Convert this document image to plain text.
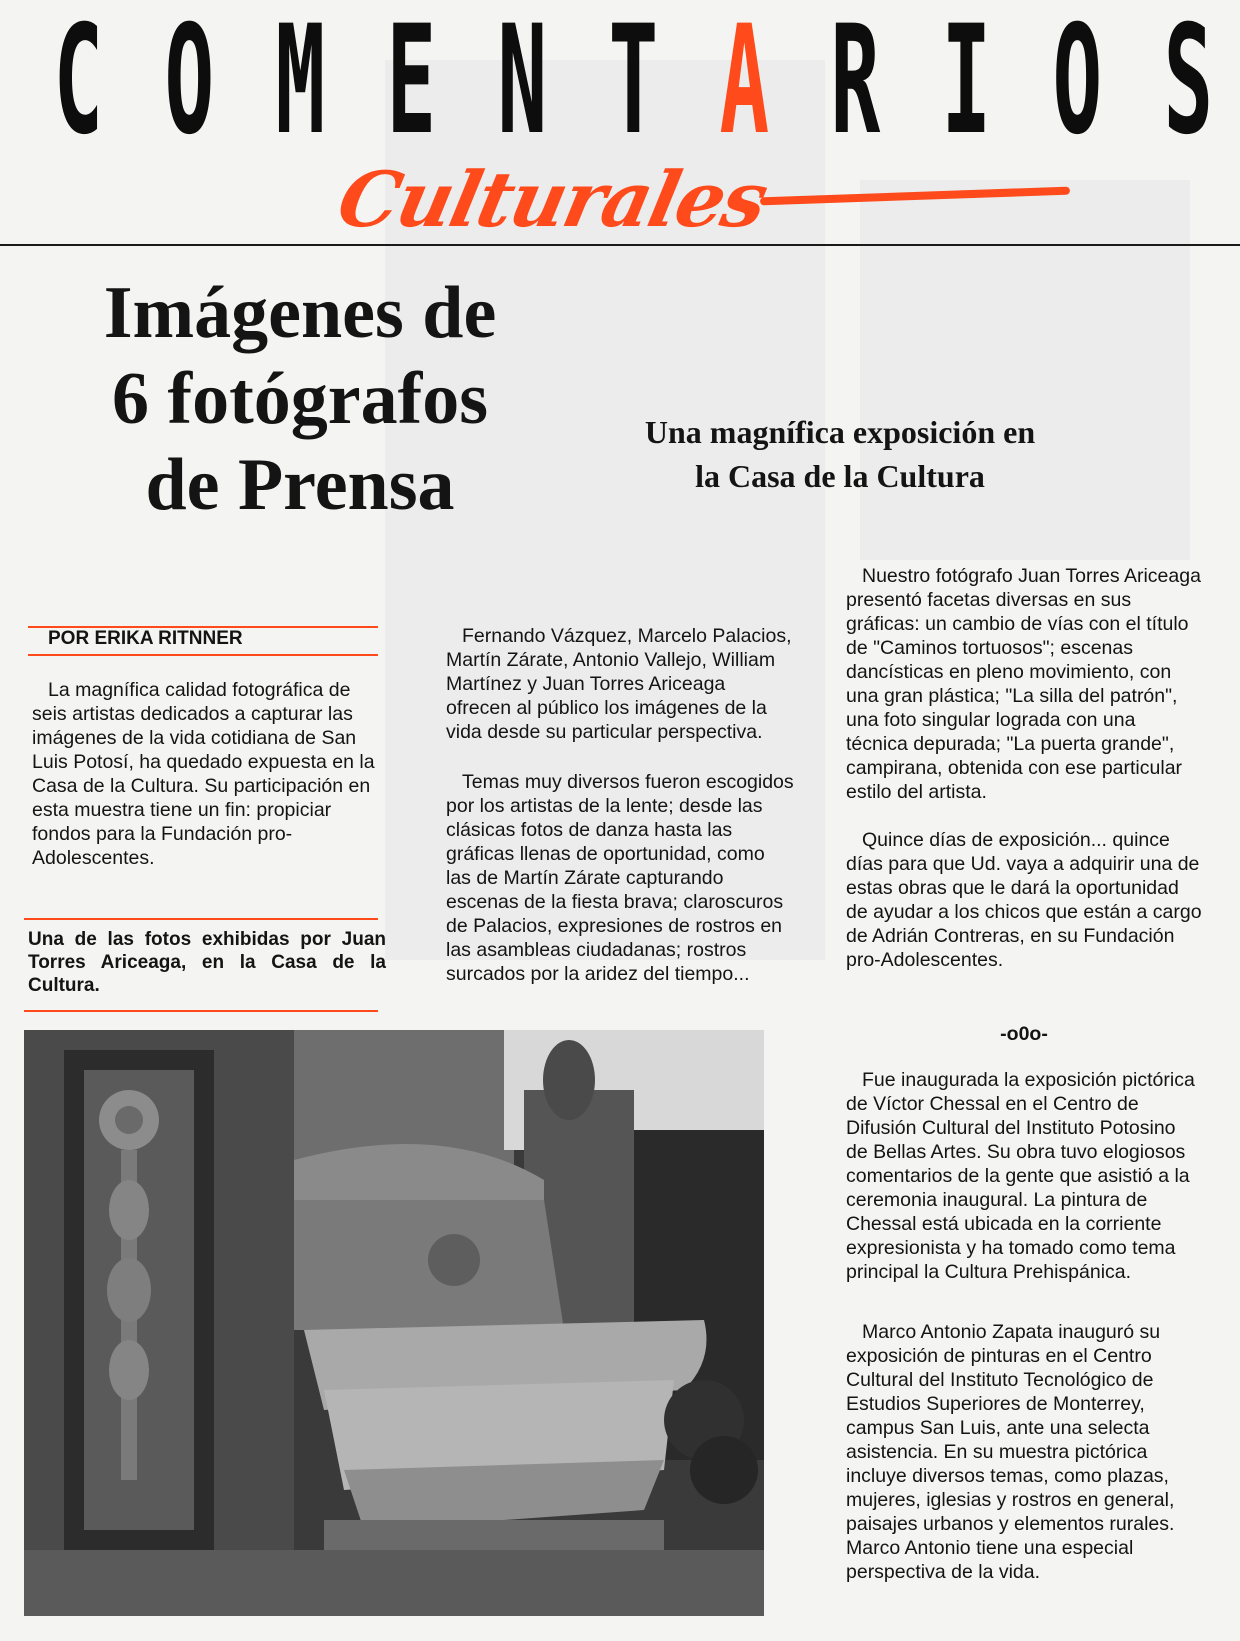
C O M E N T A R I O S
Culturales
Imágenes de
6 fotógrafos
de Prensa
Una magnífica exposición en
la Casa de la Cultura

POR ERIKA RITNNER

La magnífica calidad fotográfica de seis artistas dedicados a capturar las imágenes de la vida cotidiana de San Luis Potosí, ha quedado expuesta en la Casa de la Cultura. Su participación en esta muestra tiene un fin: propiciar fondos para la Fundación pro-Adolescentes.

Una de las fotos exhibidas por Juan Torres Ariceaga, en la Casa de la Cultura.

Fernando Vázquez, Marcelo Palacios, Martín Zárate, Antonio Vallejo, William Martínez y Juan Torres Ariceaga ofrecen al público los imágenes de la vida desde su particular perspectiva.

Temas muy diversos fueron escogidos por los artistas de la lente; desde las clásicas fotos de danza hasta las gráficas llenas de oportunidad, como las de Martín Zárate capturando escenas de la fiesta brava; claroscuros de Palacios, expresiones de rostros en las asambleas ciudadanas; rostros surcados por la aridez del tiempo...

Nuestro fotógrafo Juan Torres Ariceaga presentó facetas diversas en sus gráficas: un cambio de vías con el título de "Caminos tortuosos"; escenas dancísticas en pleno movimiento, con una gran plástica; "La silla del patrón", una foto singular lograda con una técnica depurada; "La puerta grande", campirana, obtenida con ese particular estilo del artista.

Quince días de exposición... quince días para que Ud. vaya a adquirir una de estas obras que le dará la oportunidad de ayudar a los chicos que están a cargo de Adrián Contreras, en su Fundación pro-Adolescentes.

-o0o-

Fue inaugurada la exposición pictórica de Víctor Chessal en el Centro de Difusión Cultural del Instituto Potosino de Bellas Artes. Su obra tuvo elogiosos comentarios de la gente que asistió a la ceremonia inaugural. La pintura de Chessal está ubicada en la corriente expresionista y ha tomado como tema principal la Cultura Prehispánica.

Marco Antonio Zapata inauguró su exposición de pinturas en el Centro Cultural del Instituto Tecnológico de Estudios Superiores de Monterrey, campus San Luis, ante una selecta asistencia. En su muestra pictórica incluye diversos temas, como plazas, mujeres, iglesias y rostros en general, paisajes urbanos y elementos rurales. Marco Antonio tiene una especial perspectiva de la vida.
